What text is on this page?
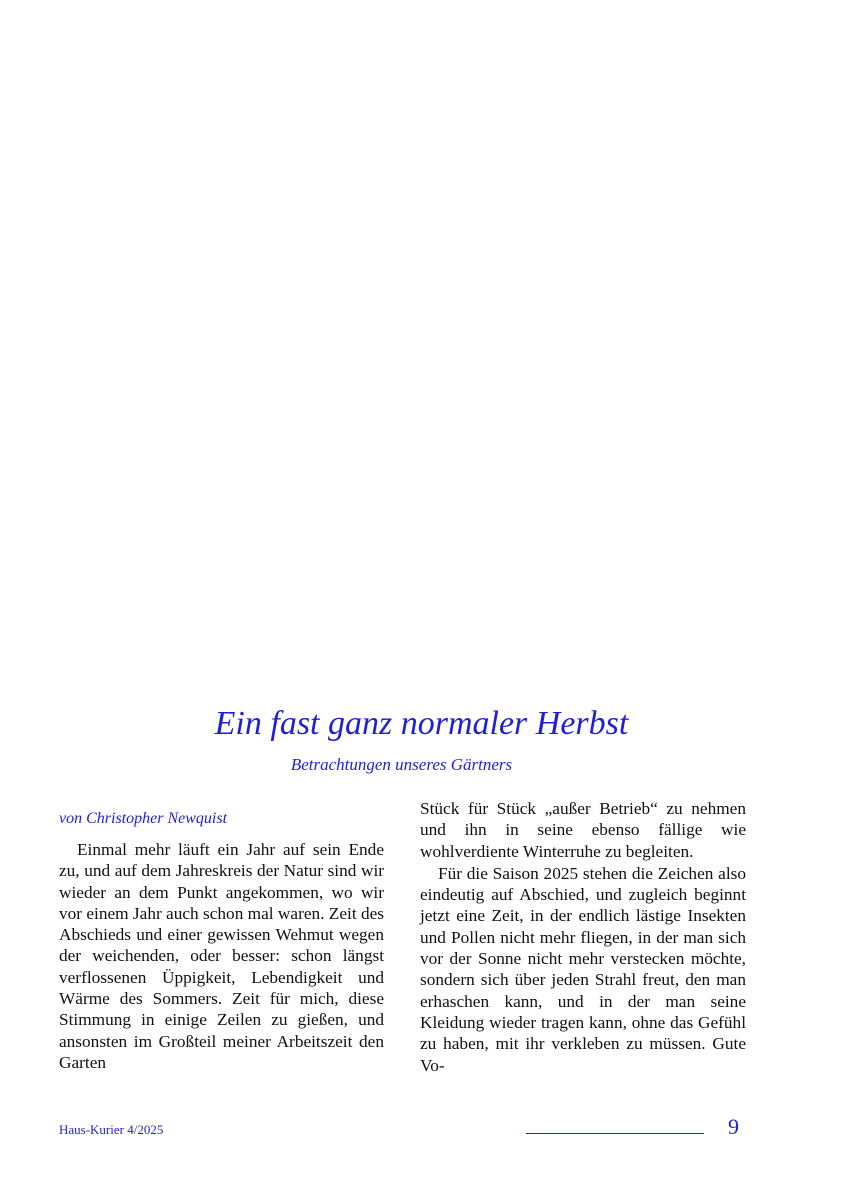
Ein fast ganz normaler Herbst
Betrachtungen unseres Gärtners
von Christopher Newquist

Einmal mehr läuft ein Jahr auf sein Ende zu, und auf dem Jahreskreis der Natur sind wir wieder an dem Punkt angekommen, wo wir vor einem Jahr auch schon mal waren. Zeit des Abschieds und einer gewissen Wehmut wegen der weichenden, oder besser: schon längst verflossenen Üppigkeit, Lebendigkeit und Wärme des Sommers. Zeit für mich, diese Stimmung in einige Zeilen zu gießen, und ansonsten im Großteil meiner Arbeitszeit den Garten

Stück für Stück „außer Betrieb“ zu nehmen und ihn in seine ebenso fällige wie wohlverdiente Winterruhe zu begleiten.

Für die Saison 2025 stehen die Zeichen also eindeutig auf Abschied, und zugleich beginnt jetzt eine Zeit, in der endlich lästige Insekten und Pollen nicht mehr fliegen, in der man sich vor der Sonne nicht mehr verstecken möchte, sondern sich über jeden Strahl freut, den man erhaschen kann, und in der man seine Kleidung wieder tragen kann, ohne das Gefühl zu haben, mit ihr verkleben zu müssen. Gute Vo-

Haus-Kurier 4/2025	9
